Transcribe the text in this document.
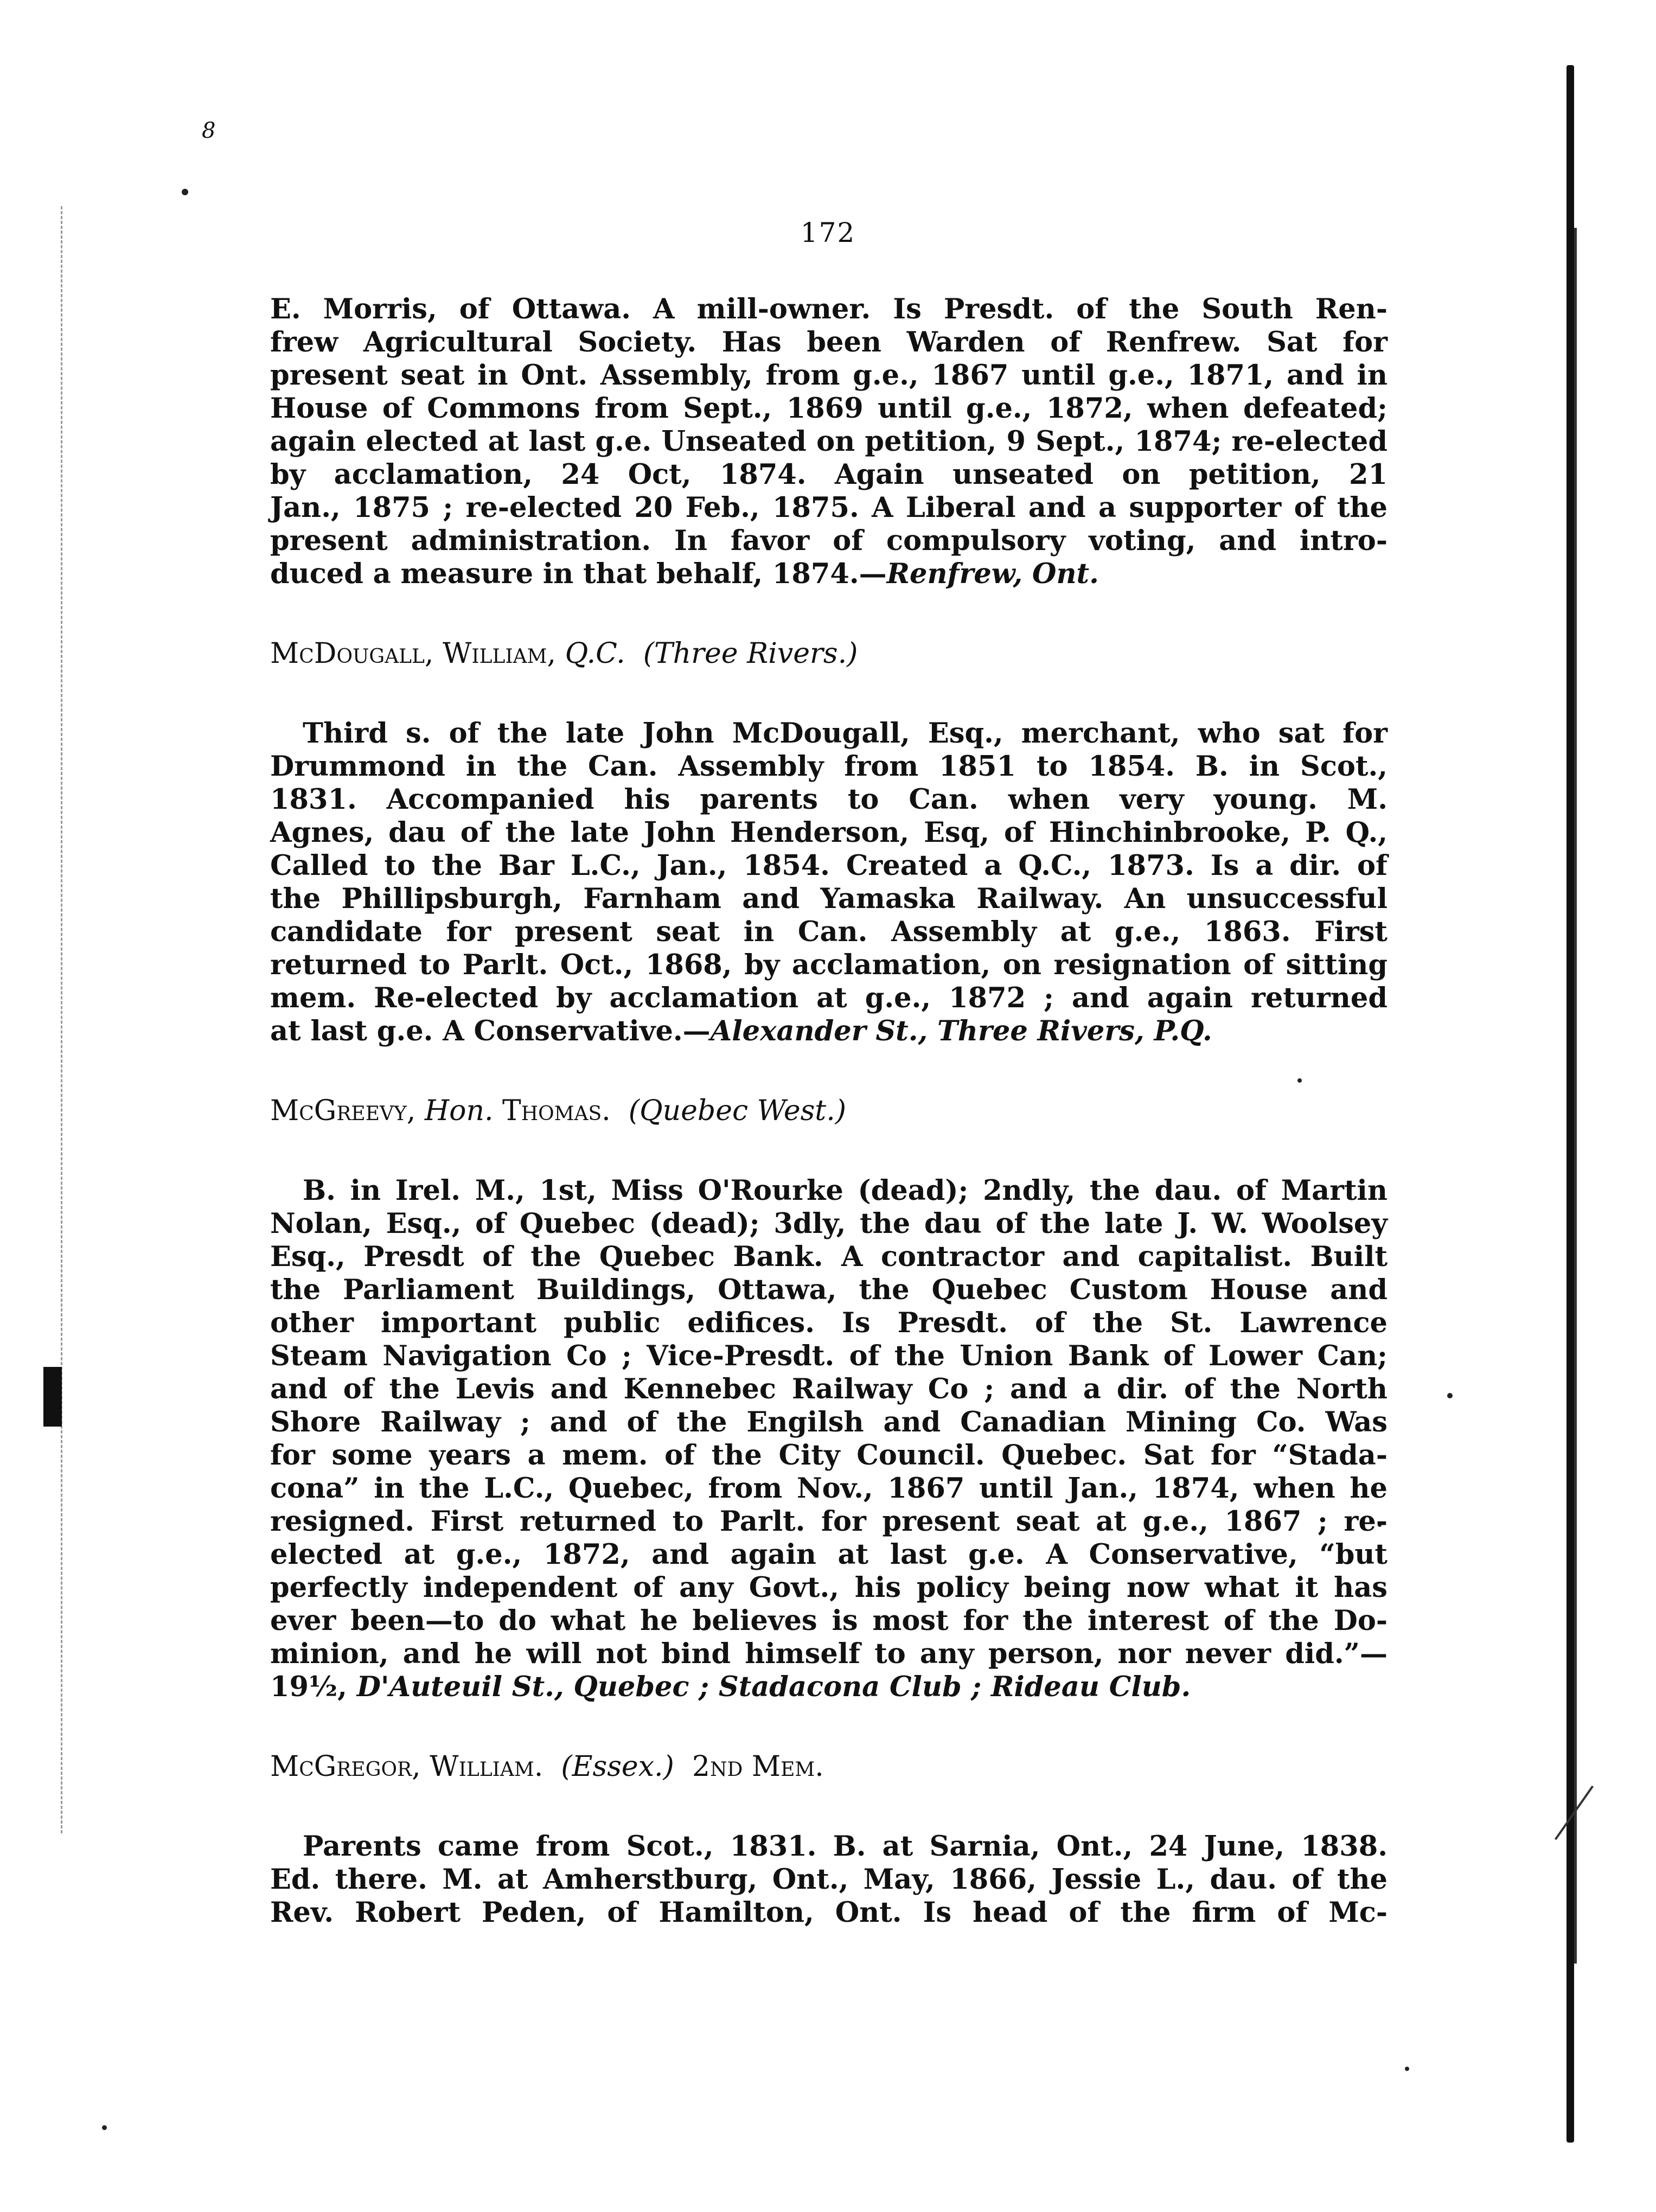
8
172
E. Morris, of Ottawa. A mill-owner. Is Presdt. of the South Ren-
frew Agricultural Society. Has been Warden of Renfrew. Sat for
present seat in Ont. Assembly, from g.e., 1867 until g.e., 1871, and in
House of Commons from Sept., 1869 until g.e., 1872, when defeated;
again elected at last g.e. Unseated on petition, 9 Sept., 1874; re-elected
by acclamation, 24 Oct, 1874. Again unseated on petition, 21
Jan., 1875 ; re-elected 20 Feb., 1875. A Liberal and a supporter of the
present administration. In favor of compulsory voting, and intro-
duced a measure in that behalf, 1874.—Renfrew, Ont.
McDougall, William, Q.C. (Three Rivers.)
Third s. of the late John McDougall, Esq., merchant, who sat for
Drummond in the Can. Assembly from 1851 to 1854. B. in Scot.,
1831. Accompanied his parents to Can. when very young. M.
Agnes, dau of the late John Henderson, Esq, of Hinchinbrooke, P. Q.,
Called to the Bar L.C., Jan., 1854. Created a Q.C., 1873. Is a dir. of
the Phillipsburgh, Farnham and Yamaska Railway. An unsuccessful
candidate for present seat in Can. Assembly at g.e., 1863. First
returned to Parlt. Oct., 1868, by acclamation, on resignation of sitting
mem. Re-elected by acclamation at g.e., 1872 ; and again returned
at last g.e. A Conservative.—Alexander St., Three Rivers, P.Q.
McGreevy, Hon. Thomas. (Quebec West.)
B. in Irel. M., 1st, Miss O'Rourke (dead); 2ndly, the dau. of Martin
Nolan, Esq., of Quebec (dead); 3dly, the dau of the late J. W. Woolsey
Esq., Presdt of the Quebec Bank. A contractor and capitalist. Built
the Parliament Buildings, Ottawa, the Quebec Custom House and
other important public edifices. Is Presdt. of the St. Lawrence
Steam Navigation Co ; Vice-Presdt. of the Union Bank of Lower Can;
and of the Levis and Kennebec Railway Co ; and a dir. of the North
Shore Railway ; and of the Engilsh and Canadian Mining Co. Was
for some years a mem. of the City Council. Quebec. Sat for “Stada-
cona” in the L.C., Quebec, from Nov., 1867 until Jan., 1874, when he
resigned. First returned to Parlt. for present seat at g.e., 1867 ; re-
elected at g.e., 1872, and again at last g.e. A Conservative, “but
perfectly independent of any Govt., his policy being now what it has
ever been—to do what he believes is most for the interest of the Do-
minion, and he will not bind himself to any person, nor never did.”—
19½, D'Auteuil St., Quebec ; Stadacona Club ; Rideau Club.
McGregor, William. (Essex.) 2nd Mem.
Parents came from Scot., 1831. B. at Sarnia, Ont., 24 June, 1838.
Ed. there. M. at Amherstburg, Ont., May, 1866, Jessie L., dau. of the
Rev. Robert Peden, of Hamilton, Ont. Is head of the firm of Mc-
